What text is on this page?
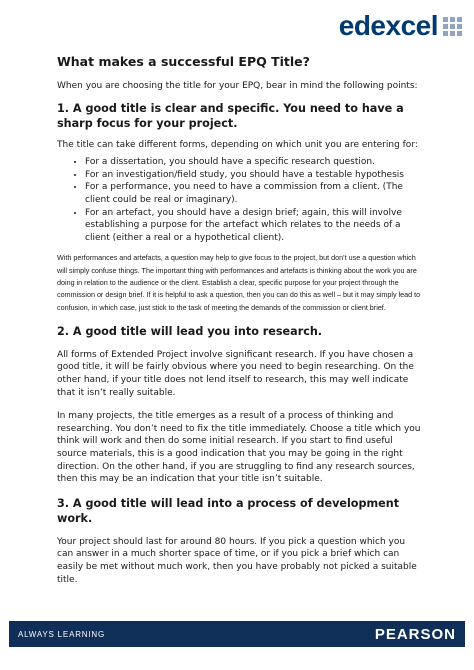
edexcel
What makes a successful EPQ Title?

When you are choosing the title for your EPQ, bear in mind the following points:

1. A good title is clear and specific. You need to have a sharp focus for your project.

The title can take different forms, depending on which unit you are entering for:

• For a dissertation, you should have a specific research question.
• For an investigation/field study, you should have a testable hypothesis
• For a performance, you need to have a commission from a client. (The client could be real or imaginary).
• For an artefact, you should have a design brief; again, this will involve establishing a purpose for the artefact which relates to the needs of a client (either a real or a hypothetical client).

With performances and artefacts, a question may help to give focus to the project, but don’t use a question which will simply confuse things. The important thing with performances and artefacts is thinking about the work you are doing in relation to the audience or the client. Establish a clear, specific purpose for your project through the commission or design brief. If it is helpful to ask a question, then you can do this as well – but it may simply lead to confusion, in which case, just stick to the task of meeting the demands of the commission or client brief.

2. A good title will lead you into research.

All forms of Extended Project involve significant research. If you have chosen a good title, it will be fairly obvious where you need to begin researching. On the other hand, if your title does not lend itself to research, this may well indicate that it isn’t really suitable.

In many projects, the title emerges as a result of a process of thinking and researching. You don’t need to fix the title immediately. Choose a title which you think will work and then do some initial research. If you start to find useful source materials, this is a good indication that you may be going in the right direction. On the other hand, if you are struggling to find any research sources, then this may be an indication that your title isn’t suitable.

3. A good title will lead into a process of development work.

Your project should last for around 80 hours. If you pick a question which you can answer in a much shorter space of time, or if you pick a brief which can easily be met without much work, then you have probably not picked a suitable title.

ALWAYS LEARNING	PEARSON
